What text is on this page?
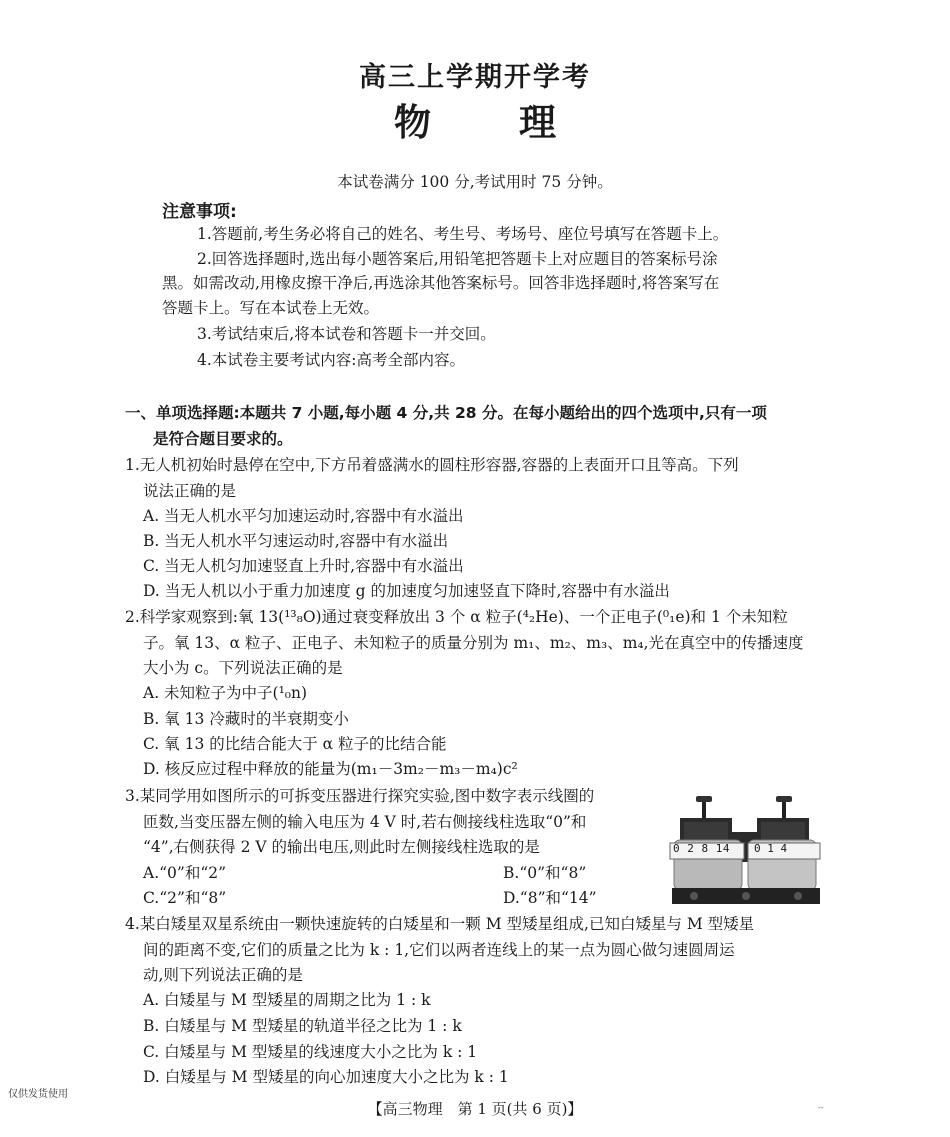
高三上学期开学考
物 理
本试卷满分 100 分,考试用时 75 分钟。
注意事项:
1.答题前,考生务必将自己的姓名、考生号、考场号、座位号填写在答题卡上。
2.回答选择题时,选出每小题答案后,用铅笔把答题卡上对应题目的答案标号涂
黑。如需改动,用橡皮擦干净后,再选涂其他答案标号。回答非选择题时,将答案写在
答题卡上。写在本试卷上无效。
3.考试结束后,将本试卷和答题卡一并交回。
4.本试卷主要考试内容:高考全部内容。
一、单项选择题:本题共 7 小题,每小题 4 分,共 28 分。在每小题给出的四个选项中,只有一项
是符合题目要求的。
1.无人机初始时悬停在空中,下方吊着盛满水的圆柱形容器,容器的上表面开口且等高。下列
说法正确的是
A. 当无人机水平匀加速运动时,容器中有水溢出
B. 当无人机水平匀速运动时,容器中有水溢出
C. 当无人机匀加速竖直上升时,容器中有水溢出
D. 当无人机以小于重力加速度 g 的加速度匀加速竖直下降时,容器中有水溢出
2.科学家观察到:氧 13(¹³₈O)通过衰变释放出 3 个 α 粒子(⁴₂He)、一个正电子(⁰₁e)和 1 个未知粒
子。氧 13、α 粒子、正电子、未知粒子的质量分别为 m₁、m₂、m₃、m₄,光在真空中的传播速度
大小为 c。下列说法正确的是
A. 未知粒子为中子(¹₀n)
B. 氧 13 冷藏时的半衰期变小
C. 氧 13 的比结合能大于 α 粒子的比结合能
D. 核反应过程中释放的能量为(m₁－3m₂－m₃－m₄)c²
3.某同学用如图所示的可拆变压器进行探究实验,图中数字表示线圈的
匝数,当变压器左侧的输入电压为 4 V 时,若右侧接线柱选取“0”和
“4”,右侧获得 2 V 的输出电压,则此时左侧接线柱选取的是
A.“0”和“2”	B.“0”和“8”
C.“2”和“8”	D.“8”和“14”
0 2 8 14 0 1 4
4.某白矮星双星系统由一颗快速旋转的白矮星和一颗 M 型矮星组成,已知白矮星与 M 型矮星
间的距离不变,它们的质量之比为 k : 1,它们以两者连线上的某一点为圆心做匀速圆周运
动,则下列说法正确的是
A. 白矮星与 M 型矮星的周期之比为 1 : k
B. 白矮星与 M 型矮星的轨道半径之比为 1 : k
C. 白矮星与 M 型矮星的线速度大小之比为 k : 1
D. 白矮星与 M 型矮星的向心加速度大小之比为 k : 1
仅供发货使用
【高三物理　第 1 页(共 6 页)】	--
